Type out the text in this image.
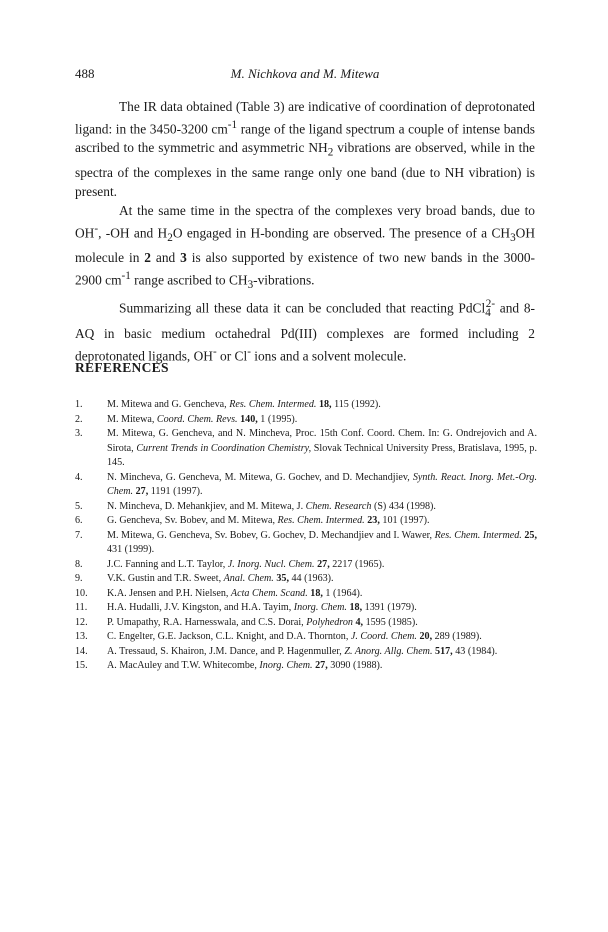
488	M. Nichkova and M. Mitewa

The IR data obtained (Table 3) are indicative of coordination of deprotonated ligand: in the 3450-3200 $cm^{-1}$ range of the ligand spectrum a couple of intense bands ascribed to the symmetric and asymmetric $NH_2$ vibrations are observed, while in the spectra of the complexes in the same range only one band (due to NH vibration) is present.

At the same time in the spectra of the complexes very broad bands, due to OH-, -OH and $H_2O$ engaged in H-bonding are observed. The presence of a $CH_3OH$ molecule in 2 and 3 is also supported by existence of two new bands in the 3000-2900 $cm^{-1}$ range ascribed to $CH_3$-vibrations.

Summarizing all these data it can be concluded that reacting PdCl$_4^{2-}$ and 8-AQ in basic medium octahedral Pd(III) complexes are formed including 2 deprotonated ligands, OH- or Cl- ions and a solvent molecule.

REFERENCES
1.	M. Mitewa and G. Gencheva, Res. Chem. Intermed. 18, 115 (1992).
2.	M. Mitewa, Coord. Chem. Revs. 140, 1 (1995).
3.	M. Mitewa, G. Gencheva, and N. Mincheva, Proc. 15th Conf. Coord. Chem. In: G. Ondrejovich and A. Sirota, Current Trends in Coordination Chemistry, Slovak Technical University Press, Bratislava, 1995, p. 145.
4.	N. Mincheva, G. Gencheva, M. Mitewa, G. Gochev, and D. Mechandjiev, Synth. React. Inorg. Met.-Org. Chem. 27, 1191 (1997).
5.	N. Mincheva, D. Mehankjiev, and M. Mitewa, J. Chem. Research (S) 434 (1998).
6.	G. Gencheva, Sv. Bobev, and M. Mitewa, Res. Chem. Intermed. 23, 101 (1997).
7.	M. Mitewa, G. Gencheva, Sv. Bobev, G. Gochev, D. Mechandjiev and I. Wawer, Res. Chem. Intermed. 25, 431 (1999).
8.	J.C. Fanning and L.T. Taylor, J. Inorg. Nucl. Chem. 27, 2217 (1965).
9.	V.K. Gustin and T.R. Sweet, Anal. Chem. 35, 44 (1963).
10.	K.A. Jensen and P.H. Nielsen, Acta Chem. Scand. 18, 1 (1964).
11.	H.A. Hudalli, J.V. Kingston, and H.A. Tayim, Inorg. Chem. 18, 1391 (1979).
12.	P. Umapathy, R.A. Harnesswala, and C.S. Dorai, Polyhedron 4, 1595 (1985).
13.	C. Engelter, G.E. Jackson, C.L. Knight, and D.A. Thornton, J. Coord. Chem. 20, 289 (1989).
14.	A. Tressaud, S. Khairon, J.M. Dance, and P. Hagenmuller, Z. Anorg. Allg. Chem. 517, 43 (1984).
15.	A. MacAuley and T.W. Whitecombe, Inorg. Chem. 27, 3090 (1988).
